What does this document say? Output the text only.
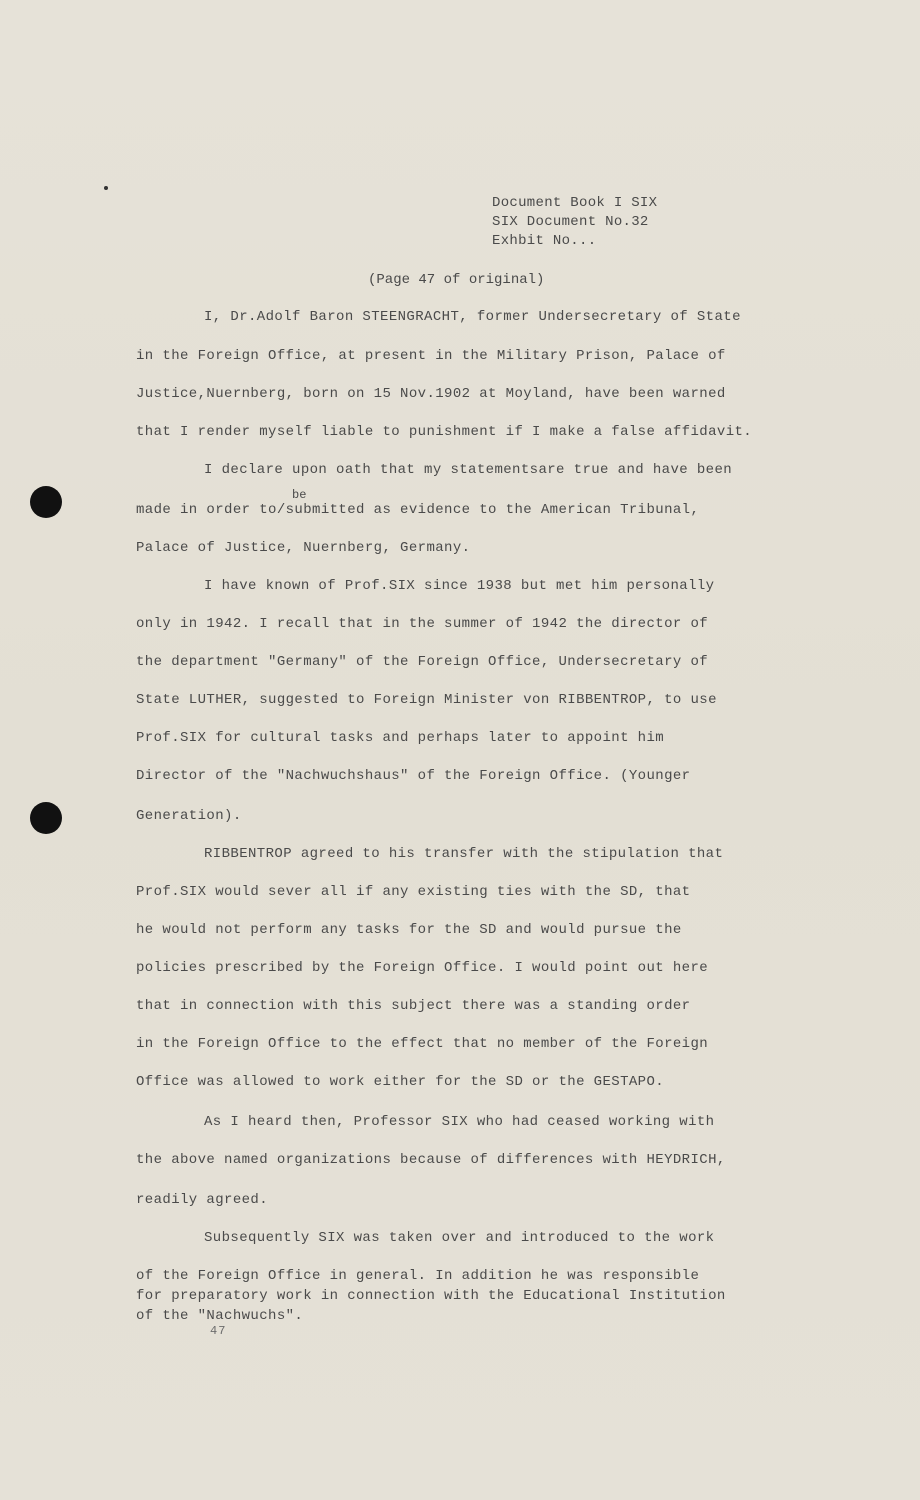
Document Book I SIX
SIX Document No.32
Exhbit No...
(Page 47 of original)
be
I, Dr.Adolf Baron STEENGRACHT, former Undersecretary of State
in the Foreign Office, at present in the Military Prison, Palace of
Justice,Nuernberg, born on 15 Nov.1902 at Moyland, have been warned
that I render myself liable to punishment if I make a false affidavit.
I declare upon oath that my statementsare true and have been
made in order to/submitted as evidence to the American Tribunal,
Palace of Justice, Nuernberg, Germany.
I have known of Prof.SIX since 1938 but met him personally
only in 1942. I recall that in the summer of 1942 the director of
the department "Germany" of the Foreign Office, Undersecretary of
State LUTHER, suggested to Foreign Minister von RIBBENTROP, to use
Prof.SIX for cultural tasks and perhaps later to appoint him
Director of the "Nachwuchshaus" of the Foreign Office. (Younger
Generation).
RIBBENTROP agreed to his transfer with the stipulation that
Prof.SIX would sever all if any existing ties with the SD, that
he would not perform any tasks for the SD and would pursue the
policies prescribed by the Foreign Office. I would point out here
that in connection with this subject there was a standing order
in the Foreign Office to the effect that no member of the Foreign
Office was allowed to work either for the SD or the GESTAPO.
As I heard then, Professor SIX who had ceased working with
the above named organizations because of differences with HEYDRICH,
readily agreed.
Subsequently SIX was taken over and introduced to the work
of the Foreign Office in general. In addition he was responsible
for preparatory work in connection with the Educational Institution
of the "Nachwuchs".
47
